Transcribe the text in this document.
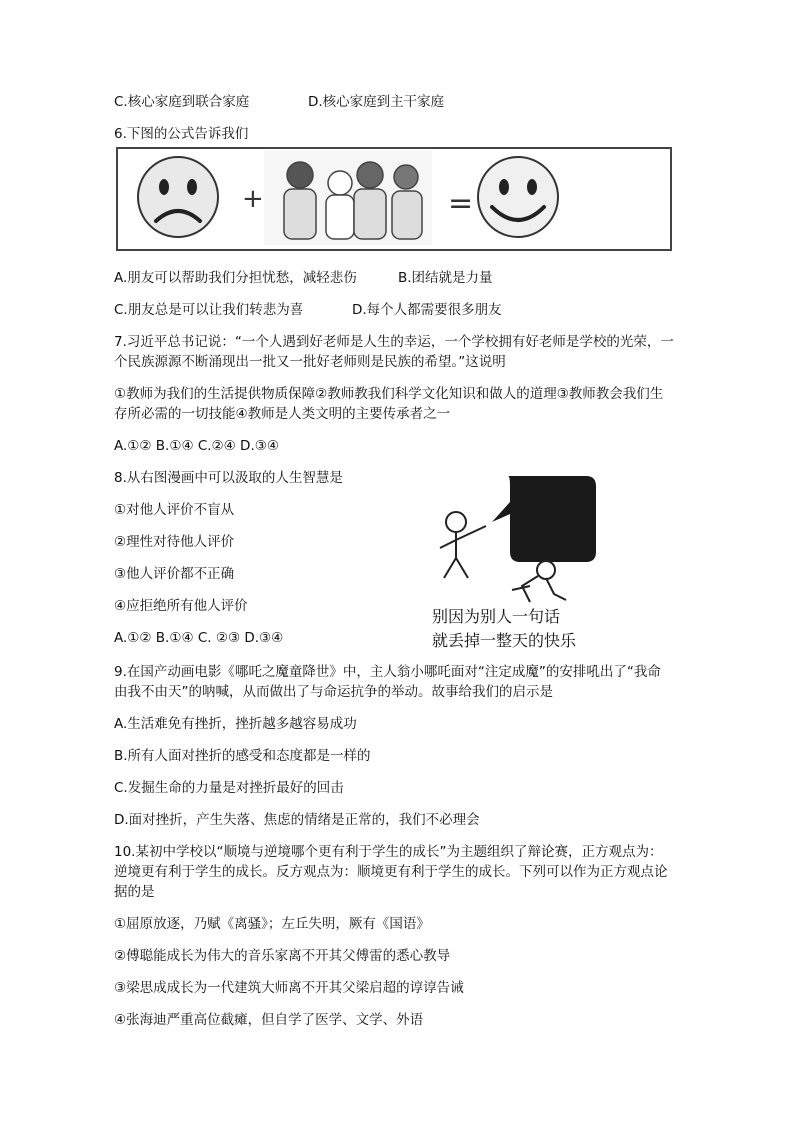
C.核心家庭到联合家庭	D.核心家庭到主干家庭
6.下图的公式告诉我们
+	=
A.朋友可以帮助我们分担忧愁，减轻悲伤	B.团结就是力量
C.朋友总是可以让我们转悲为喜	D.每个人都需要很多朋友
7.习近平总书记说：“一个人遇到好老师是人生的幸运，一个学校拥有好老师是学校的光荣，一个民族源源不断涌现出一批又一批好老师则是民族的希望。”这说明
①教师为我们的生活提供物质保障②教师教我们科学文化知识和做人的道理③教师教会我们生存所必需的一切技能④教师是人类文明的主要传承者之一
A.①② B.①④ C.②④ D.③④
8.从右图漫画中可以汲取的人生智慧是
①对他人评价不盲从
②理性对待他人评价
③他人评价都不正确
④应拒绝所有他人评价
A.①② B.①④ C. ②③ D.③④
别因为别人一句话
就丢掉一整天的快乐
9.在国产动画电影《哪吒之魔童降世》中，主人翁小哪吒面对“注定成魔”的安排吼出了“我命由我不由天”的呐喊，从而做出了与命运抗争的举动。故事给我们的启示是
A.生活难免有挫折，挫折越多越容易成功
B.所有人面对挫折的感受和态度都是一样的
C.发掘生命的力量是对挫折最好的回击
D.面对挫折，产生失落、焦虑的情绪是正常的，我们不必理会
10.某初中学校以“顺境与逆境哪个更有利于学生的成长”为主题组织了辩论赛，正方观点为：逆境更有利于学生的成长。反方观点为：顺境更有利于学生的成长。下列可以作为正方观点论据的是
①屈原放逐，乃赋《离骚》；左丘失明，厥有《国语》
②傅聪能成长为伟大的音乐家离不开其父傅雷的悉心教导
③梁思成成长为一代建筑大师离不开其父梁启超的谆谆告诫
④张海迪严重高位截瘫，但自学了医学、文学、外语
